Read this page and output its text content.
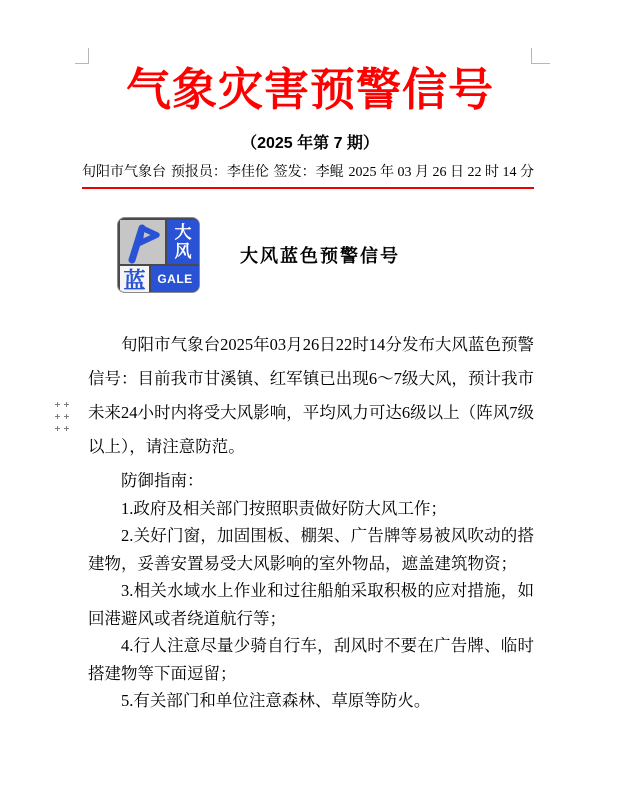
气象灾害预警信号
（2025 年第 7 期）
旬阳市气象台 预报员：李佳伦 签发：李鲲 2025 年 03 月 26 日 22 时 14 分
大
风
蓝 GALE
大风蓝色预警信号

旬阳市气象台2025年03月26日22时14分发布大风蓝色预警信号：目前我市甘溪镇、红军镇已出现6～7级大风，预计我市未来24小时内将受大风影响，平均风力可达6级以上（阵风7级以上），请注意防范。

防御指南：

1.政府及相关部门按照职责做好防大风工作；

2.关好门窗，加固围板、棚架、广告牌等易被风吹动的搭建物，妥善安置易受大风影响的室外物品，遮盖建筑物资；

3.相关水域水上作业和过往船舶采取积极的应对措施，如回港避风或者绕道航行等；

4.行人注意尽量少骑自行车，刮风时不要在广告牌、临时搭建物等下面逗留；

5.有关部门和单位注意森林、草原等防火。
